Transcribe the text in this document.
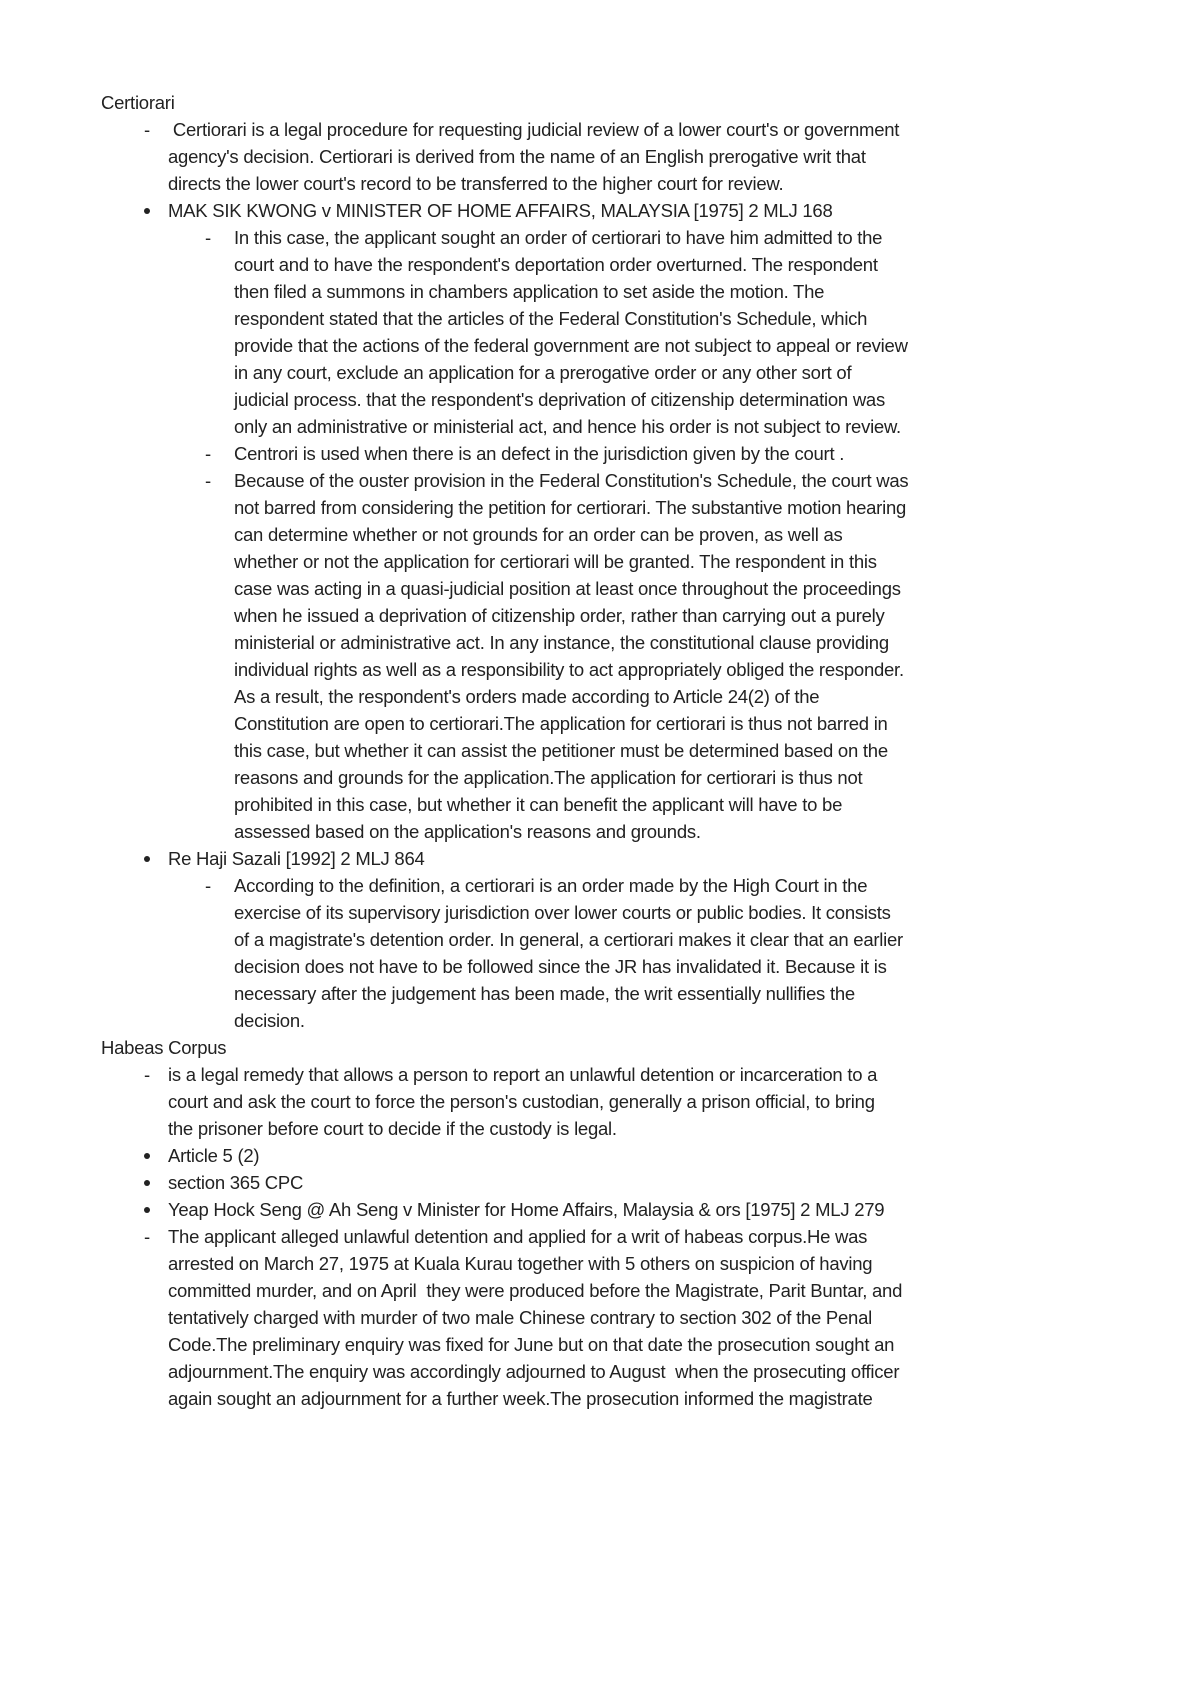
Certiorari
- Certiorari is a legal procedure for requesting judicial review of a lower court's or government
agency's decision. Certiorari is derived from the name of an English prerogative writ that
directs the lower court's record to be transferred to the higher court for review.
MAK SIK KWONG v MINISTER OF HOME AFFAIRS, MALAYSIA [1975] 2 MLJ 168
- In this case, the applicant sought an order of certiorari to have him admitted to the
court and to have the respondent's deportation order overturned. The respondent
then filed a summons in chambers application to set aside the motion. The
respondent stated that the articles of the Federal Constitution's Schedule, which
provide that the actions of the federal government are not subject to appeal or review
in any court, exclude an application for a prerogative order or any other sort of
judicial process. that the respondent's deprivation of citizenship determination was
only an administrative or ministerial act, and hence his order is not subject to review.
- Centrori is used when there is an defect in the jurisdiction given by the court .
- Because of the ouster provision in the Federal Constitution's Schedule, the court was
not barred from considering the petition for certiorari. The substantive motion hearing
can determine whether or not grounds for an order can be proven, as well as
whether or not the application for certiorari will be granted. The respondent in this
case was acting in a quasi-judicial position at least once throughout the proceedings
when he issued a deprivation of citizenship order, rather than carrying out a purely
ministerial or administrative act. In any instance, the constitutional clause providing
individual rights as well as a responsibility to act appropriately obliged the responder.
As a result, the respondent's orders made according to Article 24(2) of the
Constitution are open to certiorari.The application for certiorari is thus not barred in
this case, but whether it can assist the petitioner must be determined based on the
reasons and grounds for the application.The application for certiorari is thus not
prohibited in this case, but whether it can benefit the applicant will have to be
assessed based on the application's reasons and grounds.
Re Haji Sazali [1992] 2 MLJ 864
- According to the definition, a certiorari is an order made by the High Court in the
exercise of its supervisory jurisdiction over lower courts or public bodies. It consists
of a magistrate's detention order. In general, a certiorari makes it clear that an earlier
decision does not have to be followed since the JR has invalidated it. Because it is
necessary after the judgement has been made, the writ essentially nullifies the
decision.
Habeas Corpus
- is a legal remedy that allows a person to report an unlawful detention or incarceration to a
court and ask the court to force the person's custodian, generally a prison official, to bring
the prisoner before court to decide if the custody is legal.
Article 5 (2)
section 365 CPC
Yeap Hock Seng @ Ah Seng v Minister for Home Affairs, Malaysia & ors [1975] 2 MLJ 279
- The applicant alleged unlawful detention and applied for a writ of habeas corpus.He was
arrested on March 27, 1975 at Kuala Kurau together with 5 others on suspicion of having
committed murder, and on April  they were produced before the Magistrate, Parit Buntar, and
tentatively charged with murder of two male Chinese contrary to section 302 of the Penal
Code.The preliminary enquiry was fixed for June but on that date the prosecution sought an
adjournment.The enquiry was accordingly adjourned to August  when the prosecuting officer
again sought an adjournment for a further week.The prosecution informed the magistrate
